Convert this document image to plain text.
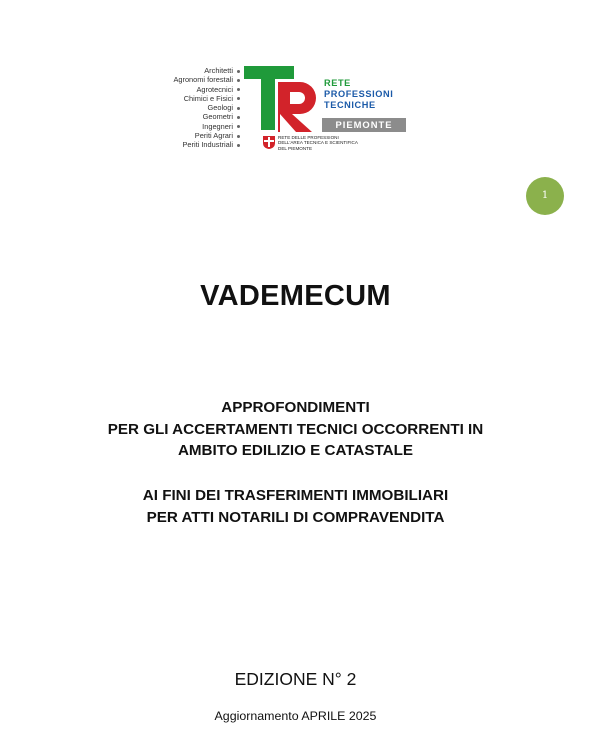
Architetti
Agronomi forestali
Agrotecnici
Chimici e Fisici
Geologi
Geometri
Ingegneri
Periti Agrari
Periti Industriali
RETE
PROFESSIONI
TECNICHE
PIEMONTE
RETE DELLE PROFESSIONI
DELL'AREA TECNICA E SCIENTIFICA
DEL PIEMONTE
1
VADEMECUM
APPROFONDIMENTI
PER GLI ACCERTAMENTI TECNICI OCCORRENTI IN
AMBITO EDILIZIO E CATASTALE
AI FINI DEI TRASFERIMENTI IMMOBILIARI
PER ATTI NOTARILI DI COMPRAVENDITA
EDIZIONE N° 2
Aggiornamento APRILE 2025
